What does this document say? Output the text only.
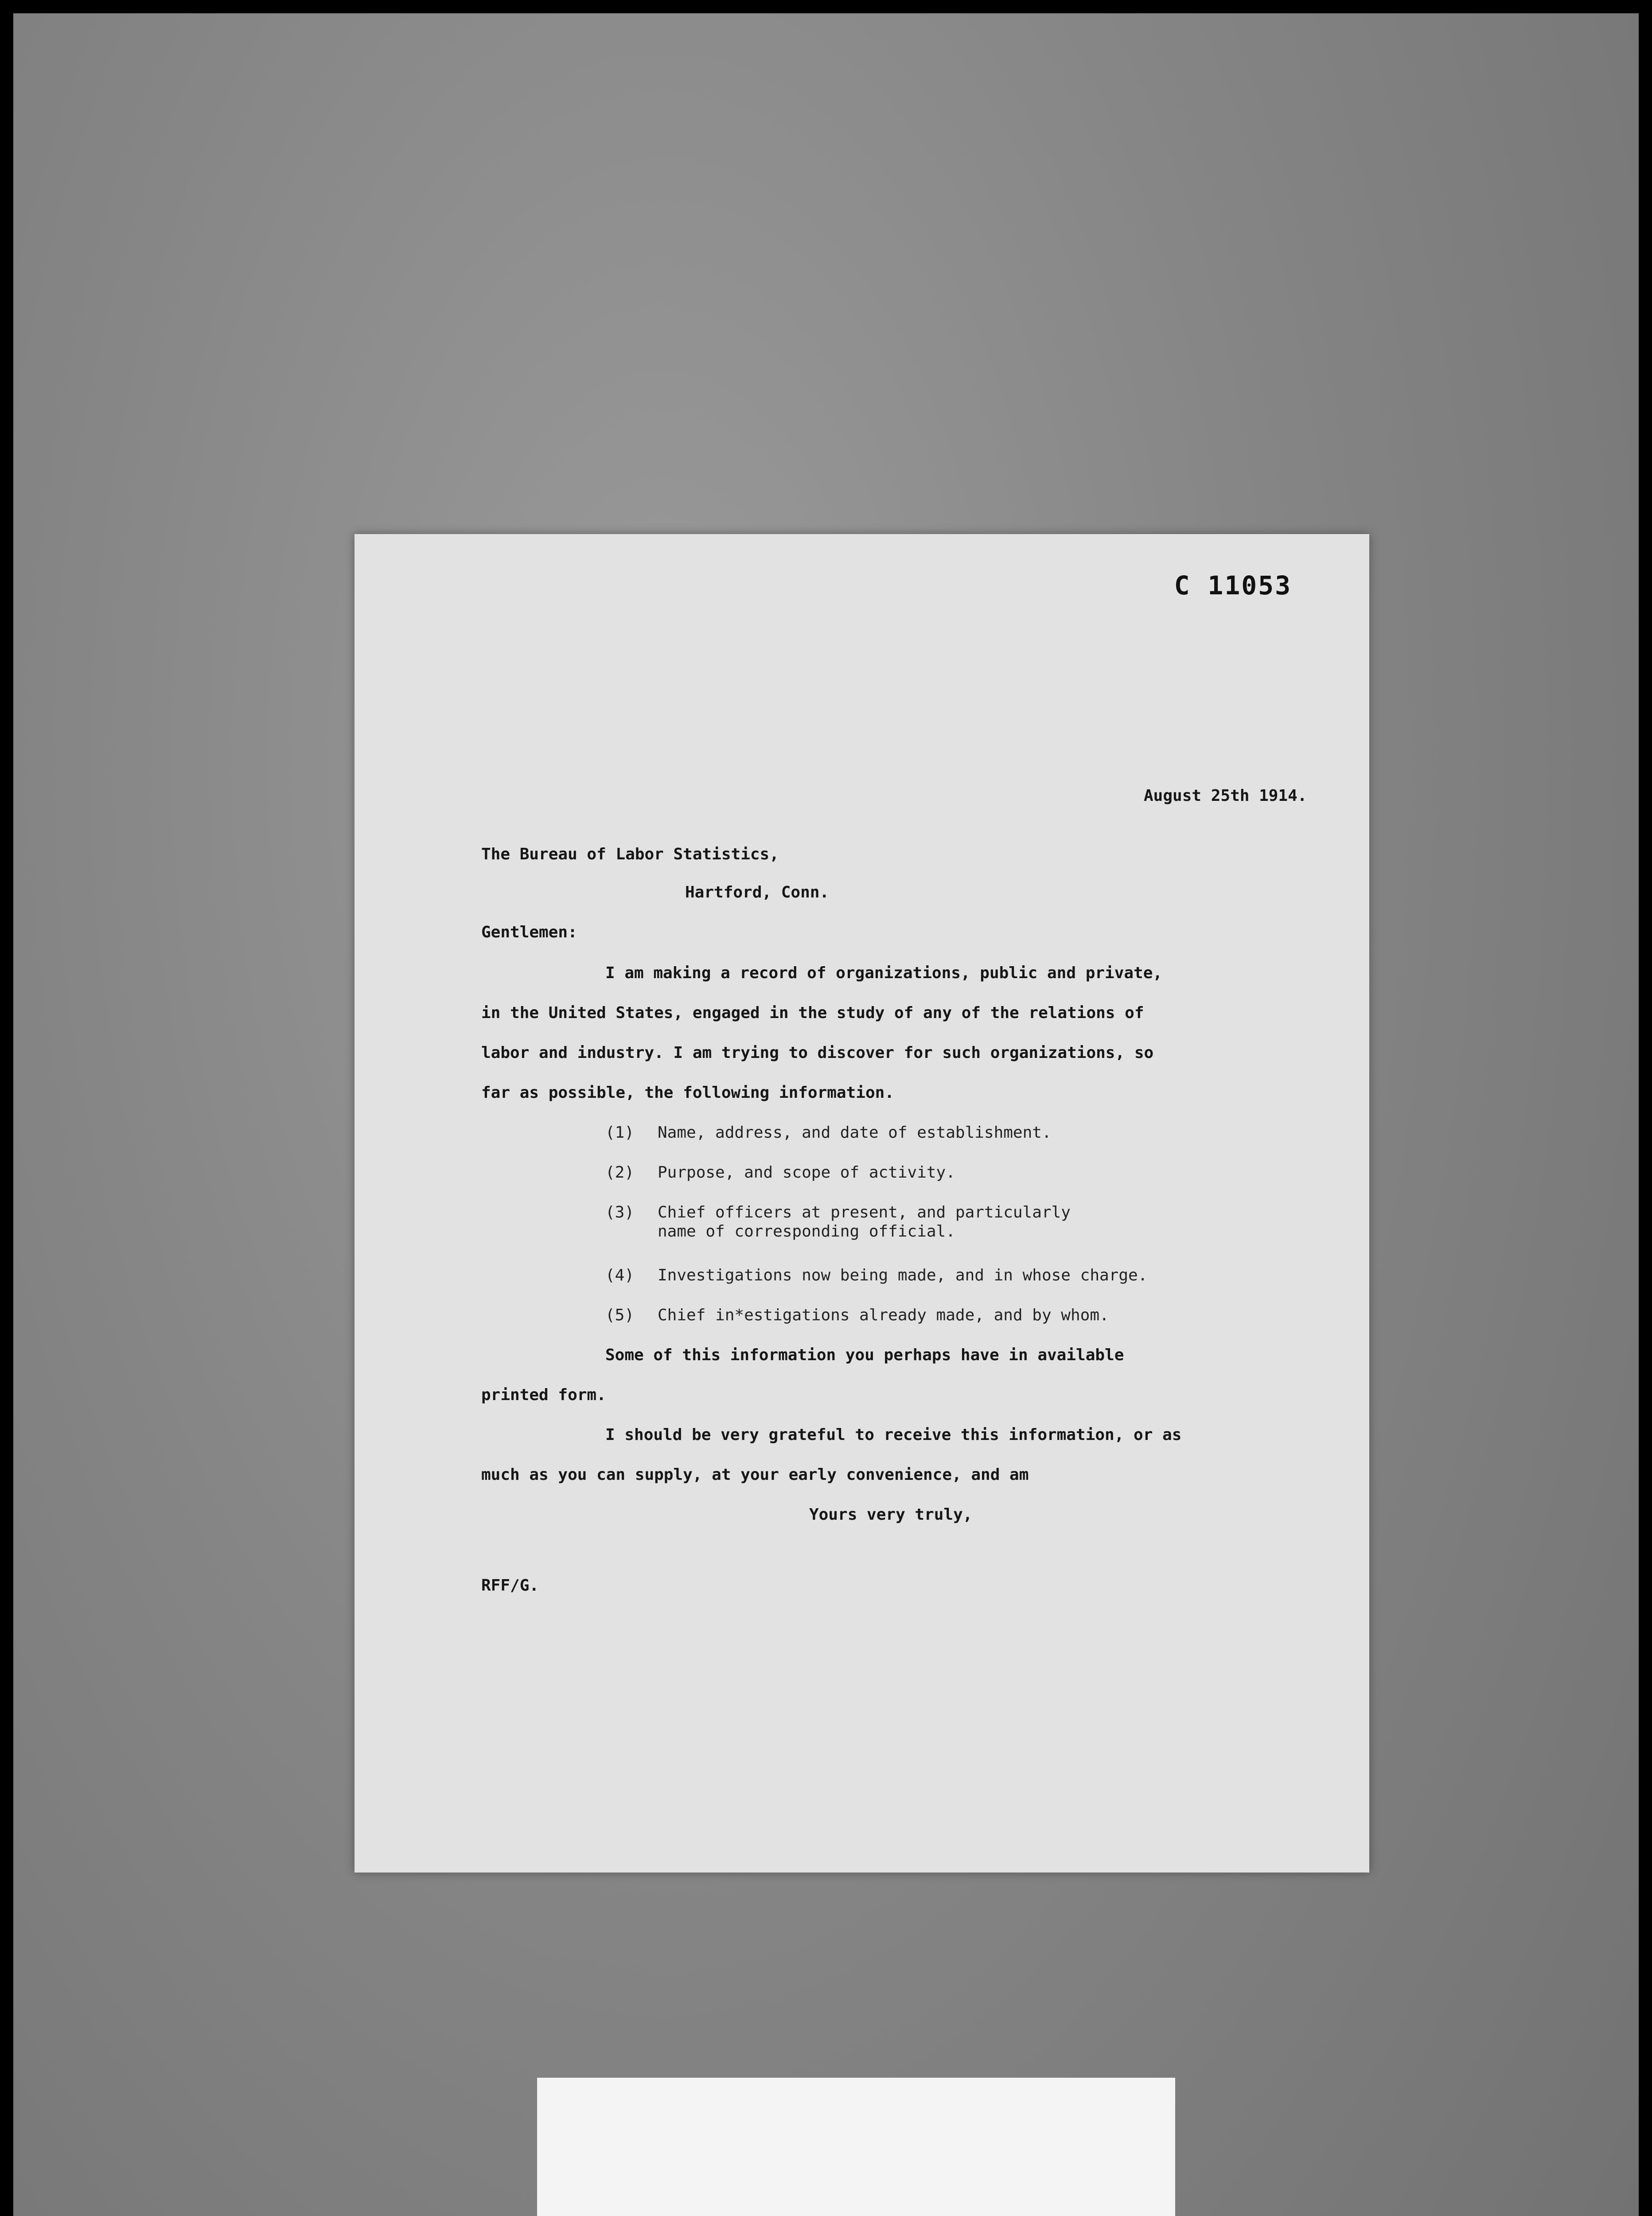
C 11053
August 25th 1914.
The Bureau of Labor Statistics,
Hartford, Conn.
Gentlemen:
I am making a record of organizations, public and private,
in the United States, engaged in the study of any of the relations of
labor and industry. I am trying to discover for such organizations, so
far as possible, the following information.
(1) Name, address, and date of establishment.
(2) Purpose, and scope of activity.
(3) Chief officers at present, and particularly
name of corresponding official.
(4) Investigations now being made, and in whose charge.
(5) Chief in*estigations already made, and by whom.
Some of this information you perhaps have in available
printed form.
I should be very grateful to receive this information, or as
much as you can supply, at your early convenience, and am
Yours very truly,
RFF/G.
